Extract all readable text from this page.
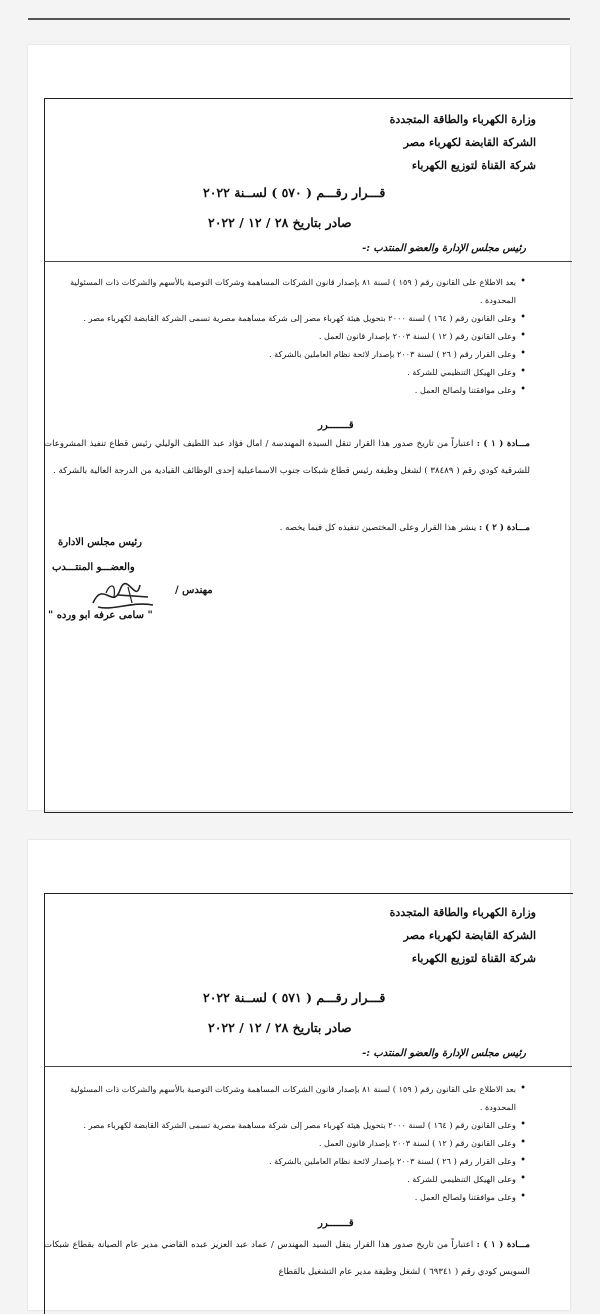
وزارة الكهرباء والطاقة المتجددة
الشركة القابضة لكهرباء مصر
شركة القناة لتوزيع الكهرباء
قـــرار رقـــم ( ٥٧٠ ) لســنة ٢٠٢٢
صادر بتاريخ ٢٨ / ١٢ / ٢٠٢٢
رئيس مجلس الإدارة والعضو المنتدب :-
• بعد الاطلاع على القانون رقم ( ١٥٩ ) لسنة ٨١ بإصدار قانون الشركات المساهمة وشركات التوصية بالأسهم والشركات ذات المسئولية المحدودة .
• وعلى القانون رقم ( ١٦٤ ) لسنة ٢٠٠٠ بتحويل هيئة كهرباء مصر إلى شركة مساهمة مصرية تسمى الشركة القابضة لكهرباء مصر .
• وعلى القانون رقم ( ١٢ ) لسنة ٢٠٠٣ بإصدار قانون العمل .
• وعلى القرار رقم ( ٢٦ ) لسنة ٢٠٠٣ بإصدار لائحة نظام العاملين بالشركة .
• وعلى الهيكل التنظيمي للشركة .
• وعلى موافقتنا ولصالح العمل .
قـــــــرر
مـــادة ( ١ ) : اعتباراً من تاريخ صدور هذا القرار تنقل السيدة المهندسة / امال فؤاد عبد اللطيف الوليلي رئيس قطاع تنفيذ المشروعات للشرقية كودي رقم ( ٣٨٤٨٩ ) لشغل وظيفة رئيس قطاع شبكات جنوب الاسماعيلية إحدى الوظائف القيادية من الدرجة العالية بالشركة .
مـــادة ( ٢ ) : ينشر هذا القرار وعلى المختصين تنفيذه كل فيما يخصه .
رئيس مجلس الادارة
والعضـــو المنتـــدب
مهندس /
" سامى عرفه ابو ورده "
وزارة الكهرباء والطاقة المتجددة
الشركة القابضة لكهرباء مصر
شركة القناة لتوزيع الكهرباء
قـــرار رقـــم ( ٥٧١ ) لســنة ٢٠٢٢
صادر بتاريخ ٢٨ / ١٢ / ٢٠٢٢
رئيس مجلس الإدارة والعضو المنتدب :-
• بعد الاطلاع على القانون رقم ( ١٥٩ ) لسنة ٨١ بإصدار قانون الشركات المساهمة وشركات التوصية بالأسهم والشركات ذات المسئولية المحدودة .
• وعلى القانون رقم ( ١٦٤ ) لسنة ٢٠٠٠ بتحويل هيئة كهرباء مصر إلى شركة مساهمة مصرية تسمى الشركة القابضة لكهرباء مصر .
• وعلى القانون رقم ( ١٢ ) لسنة ٢٠٠٣ بإصدار قانون العمل .
• وعلى القرار رقم ( ٢٦ ) لسنة ٢٠٠٣ بإصدار لائحة نظام العاملين بالشركة .
• وعلى الهيكل التنظيمي للشركة .
• وعلى موافقتنا ولصالح العمل .
قـــــــرر
مـــادة ( ١ ) : اعتباراً من تاريخ صدور هذا القرار ينقل السيد المهندس / عماد عبد العزيز عبده القاضي مدير عام الصيانة بقطاع شبكات السويس كودي رقم ( ٦٩٣٤١ ) لشغل وظيفة مدير عام التشغيل بالقطاع
